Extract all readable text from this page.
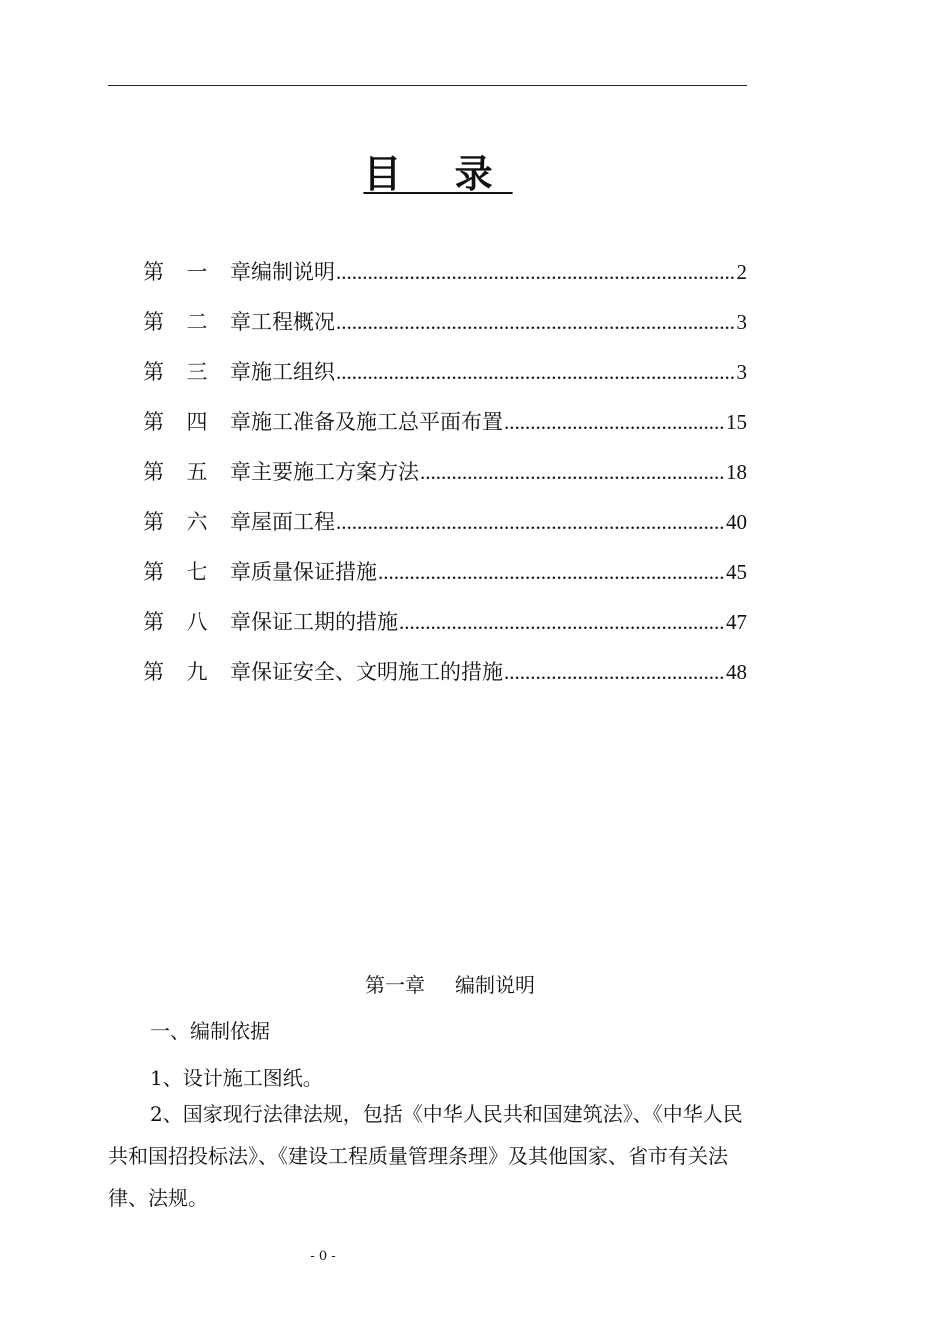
目 录
第 一 章 编制说明 .....	2
第 二 章 工程概况 .....	3
第 三 章 施工组织 .....	3
第 四 章 施工准备及施工总平面布置 .....	15
第 五 章 主要施工方案方法 .....	18
第 六 章 屋面工程 .....	40
第 七 章 质量保证措施 .....	45
第 八 章 保证工期的措施 .....	47
第 九 章 保证安全、文明施工的措施 .....	48
第一章 编制说明
一、编制依据
1、设计施工图纸。
2、国家现行法律法规，包括《中华人民共和国建筑法》、《中华人民共和国招投标法》、《建设工程质量管理条理》及其他国家、省市有关法律、法规。
- 0 -
